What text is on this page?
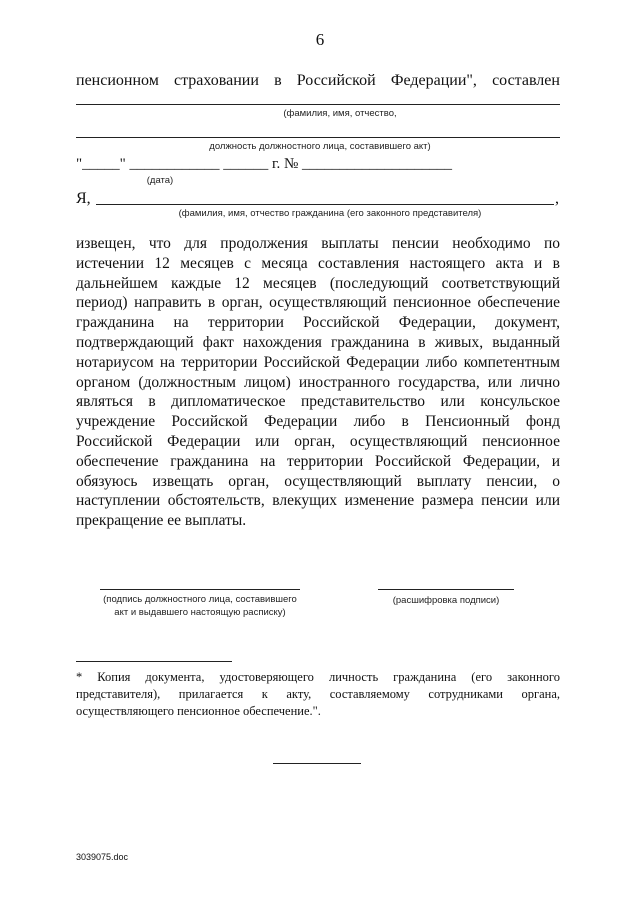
6
пенсионном страховании в Российской Федерации", составлен
(фамилия, имя, отчество,
должность должностного лица, составившего акт)
"_____" ____________ ______ г. № ____________________
(дата)
Я,	,
(фамилия, имя, отчество гражданина (его законного представителя)
извещен, что для продолжения выплаты пенсии необходимо по истечении 12 месяцев с месяца составления настоящего акта и в дальнейшем каждые 12 месяцев (последующий соответствующий период) направить в орган, осуществляющий пенсионное обеспечение гражданина на территории Российской Федерации, документ, подтверждающий факт нахождения гражданина в живых, выданный нотариусом на территории Российской Федерации либо компетентным органом (должностным лицом) иностранного государства, или лично являться в дипломатическое представительство или консульское учреждение Российской Федерации либо в Пенсионный фонд Российской Федерации или орган, осуществляющий пенсионное обеспечение гражданина на территории Российской Федерации, и обязуюсь извещать орган, осуществляющий выплату пенсии, о наступлении обстоятельств, влекущих изменение размера пенсии или прекращение ее выплаты.
(подпись должностного лица, составившего
акт и выдавшего настоящую расписку)
(расшифровка подписи)
* Копия документа, удостоверяющего личность гражданина (его законного представителя), прилагается к акту, составляемому сотрудниками органа, осуществляющего пенсионное обеспечение.".
3039075.doc
